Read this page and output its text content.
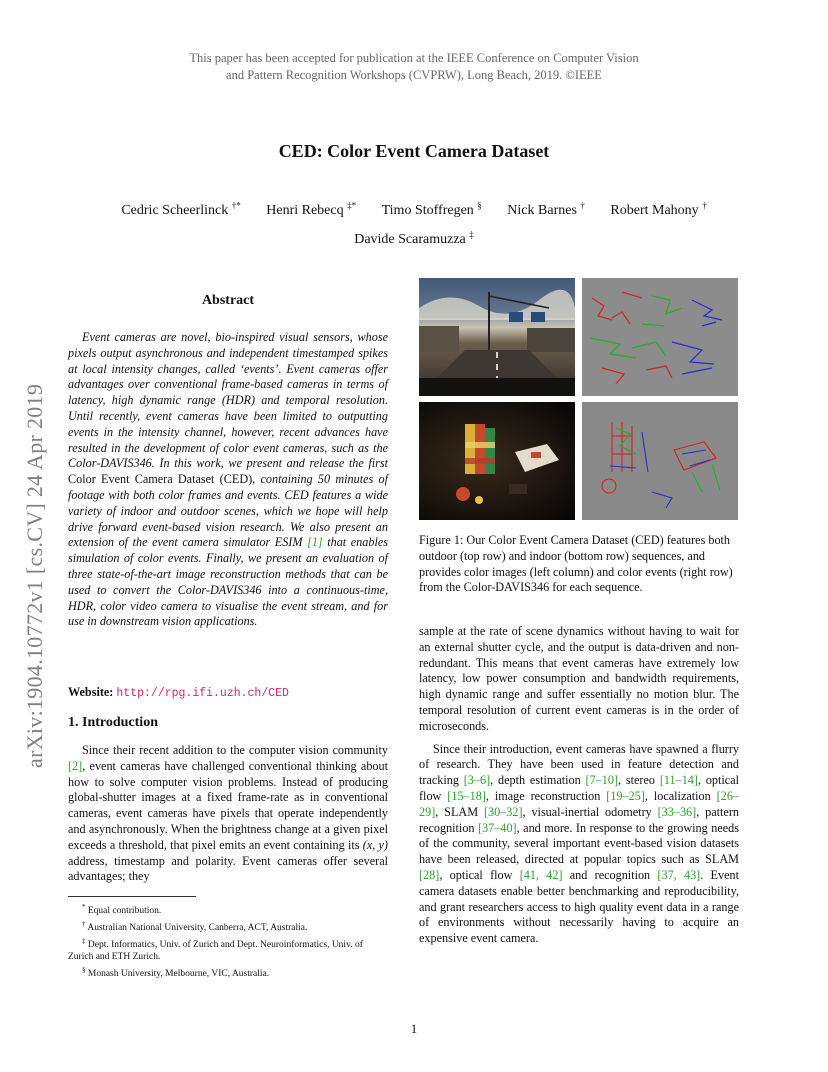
This paper has been accepted for publication at the IEEE Conference on Computer Vision
and Pattern Recognition Workshops (CVPRW), Long Beach, 2019. ©IEEE
CED: Color Event Camera Dataset
Cedric Scheerlinck †* Henri Rebecq ‡* Timo Stoffregen § Nick Barnes † Robert Mahony †
Davide Scaramuzza ‡
arXiv:1904.10772v1 [cs.CV] 24 Apr 2019
Abstract
Event cameras are novel, bio-inspired visual sensors, whose pixels output asynchronous and independent timestamped spikes at local intensity changes, called ‘events’. Event cameras offer advantages over conventional frame-based cameras in terms of latency, high dynamic range (HDR) and temporal resolution. Until recently, event cameras have been limited to outputting events in the intensity channel, however, recent advances have resulted in the development of color event cameras, such as the Color-DAVIS346. In this work, we present and release the first Color Event Camera Dataset (CED), containing 50 minutes of footage with both color frames and events. CED features a wide variety of indoor and outdoor scenes, which we hope will help drive forward event-based vision research. We also present an extension of the event camera simulator ESIM [1] that enables simulation of color events. Finally, we present an evaluation of three state-of-the-art image reconstruction methods that can be used to convert the Color-DAVIS346 into a continuous-time, HDR, color video camera to visualise the event stream, and for use in downstream vision applications.
Website: http://rpg.ifi.uzh.ch/CED
1. Introduction
Since their recent addition to the computer vision community [2], event cameras have challenged conventional thinking about how to solve computer vision problems. Instead of producing global-shutter images at a fixed frame-rate as in conventional cameras, event cameras have pixels that operate independently and asynchronously. When the brightness change at a given pixel exceeds a threshold, that pixel emits an event containing its (x, y) address, timestamp and polarity. Event cameras offer several advantages; they
* Equal contribution.
† Australian National University, Canberra, ACT, Australia.
‡ Dept. Informatics, Univ. of Zurich and Dept. Neuroinformatics, Univ. of Zurich and ETH Zurich.
§ Monash University, Melbourne, VIC, Australia.
Figure 1: Our Color Event Camera Dataset (CED) features both outdoor (top row) and indoor (bottom row) sequences, and provides color images (left column) and color events (right row) from the Color-DAVIS346 for each sequence.

sample at the rate of scene dynamics without having to wait for an external shutter cycle, and the output is data-driven and non-redundant. This means that event cameras have extremely low latency, low power consumption and bandwidth requirements, high dynamic range and suffer essentially no motion blur. The temporal resolution of current event cameras is in the order of microseconds.

Since their introduction, event cameras have spawned a flurry of research. They have been used in feature detection and tracking [3–6], depth estimation [7–10], stereo [11–14], optical flow [15–18], image reconstruction [19–25], localization [26–29], SLAM [30–32], visual-inertial odometry [33–36], pattern recognition [37–40], and more. In response to the growing needs of the community, several important event-based vision datasets have been released, directed at popular topics such as SLAM [28], optical flow [41, 42] and recognition [37, 43]. Event camera datasets enable better benchmarking and reproducibility, and grant researchers access to high quality event data in a range of environments without necessarily having to acquire an expensive event camera.

1
